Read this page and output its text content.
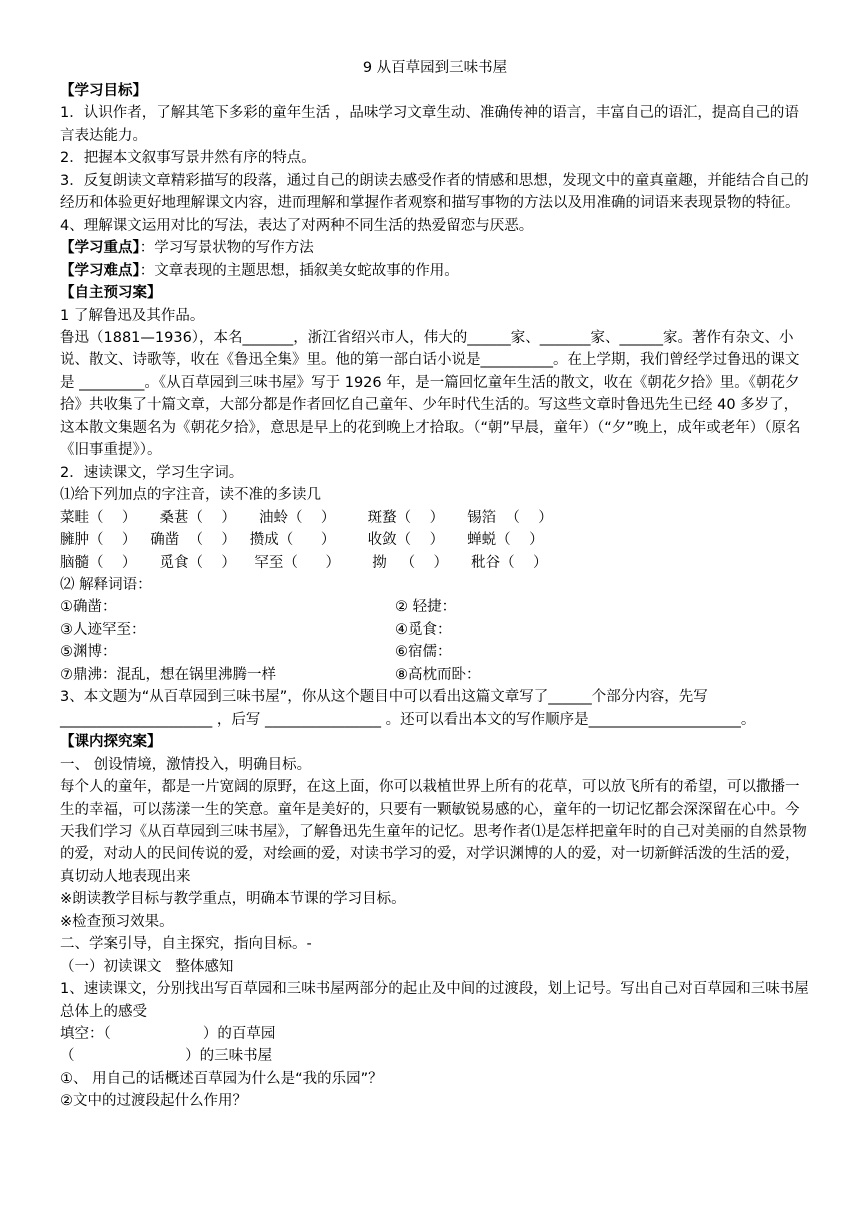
9 从百草园到三味书屋
【学习目标】
1．认识作者，了解其笔下多彩的童年生活 ，品味学习文章生动、准确传神的语言，丰富自己的语汇，提高自己的语言表达能力。
2．把握本文叙事写景井然有序的特点。
3．反复朗读文章精彩描写的段落，通过自己的朗读去感受作者的情感和思想，发现文中的童真童趣，并能结合自己的经历和体验更好地理解课文内容，进而理解和掌握作者观察和描写事物的方法以及用准确的词语来表现景物的特征。
4、理解课文运用对比的写法，表达了对两种不同生活的热爱留恋与厌恶。
【学习重点】：学习写景状物的写作方法
【学习难点】：文章表现的主题思想，插叙美女蛇故事的作用。
【自主预习案】
1 了解鲁迅及其作品。
鲁迅（1881—1936），本名_______，浙江省绍兴市人，伟大的______家、_______家、______家。著作有杂文、小说、散文、诗歌等，收在《鲁迅全集》里。他的第一部白话小说是__________。在上学期，我们曾经学过鲁迅的课文是 _________。《从百草园到三味书屋》写于 1926 年，是一篇回忆童年生活的散文，收在《朝花夕拾》里。《朝花夕拾》共收集了十篇文章，大部分都是作者回忆自己童年、少年时代生活的。写这些文章时鲁迅先生已经 40 多岁了，这本散文集题名为《朝花夕拾》，意思是早上的花到晚上才拾取。（“朝”早晨，童年）（“夕”晚上，成年或老年）（原名《旧事重提》）。
2．速读课文，学习生字词。
⑴给下列加点的字注音，读不准的多读几
菜畦（    ）     桑葚（    ）     油蛉（    ）       斑蝥（    ）     锡箔  （    ）
臃肿（    ）   确凿  （    ）   攒成（      ）       收敛（    ）     蝉蜕（    ）
脑髓（    ）     觅食（    ）    罕至（      ）       拗   （    ）     秕谷（    ）
⑵ 解释词语：
①确凿：	② 轻捷：
③人迹罕至：	④觅食：
⑤渊博：	⑥宿儒：
⑦鼎沸：混乱，想在锅里沸腾一样	⑧高枕而卧：
3、本文题为“从百草园到三味书屋”，你从这个题目中可以看出这篇文章写了______个部分内容，先写_____________________ ，后写 ________________ 。还可以看出本文的写作顺序是_____________________。
【课内探究案】
一、 创设情境，激情投入，明确目标。
每个人的童年，都是一片宽阔的原野，在这上面，你可以栽植世界上所有的花草，可以放飞所有的希望，可以撒播一生的幸福，可以荡漾一生的笑意。童年是美好的，只要有一颗敏锐易感的心，童年的一切记忆都会深深留在心中。今天我们学习《从百草园到三味书屋》，了解鲁迅先生童年的记忆。思考作者⑴是怎样把童年时的自己对美丽的自然景物的爱，对动人的民间传说的爱，对绘画的爱，对读书学习的爱，对学识渊博的人的爱，对一切新鲜活泼的生活的爱，真切动人地表现出来
※朗读教学目标与教学重点，明确本节课的学习目标。
※检查预习效果。
二、学案引导，自主探究，指向目标。-
（一）初读课文   整体感知
1、速读课文，分别找出写百草园和三味书屋两部分的起止及中间的过渡段，划上记号。写出自己对百草园和三味书屋总体上的感受
填空：（                    ）的百草园
（                        ）的三味书屋
①、 用自己的话概述百草园为什么是“我的乐园”？
②文中的过渡段起什么作用？
